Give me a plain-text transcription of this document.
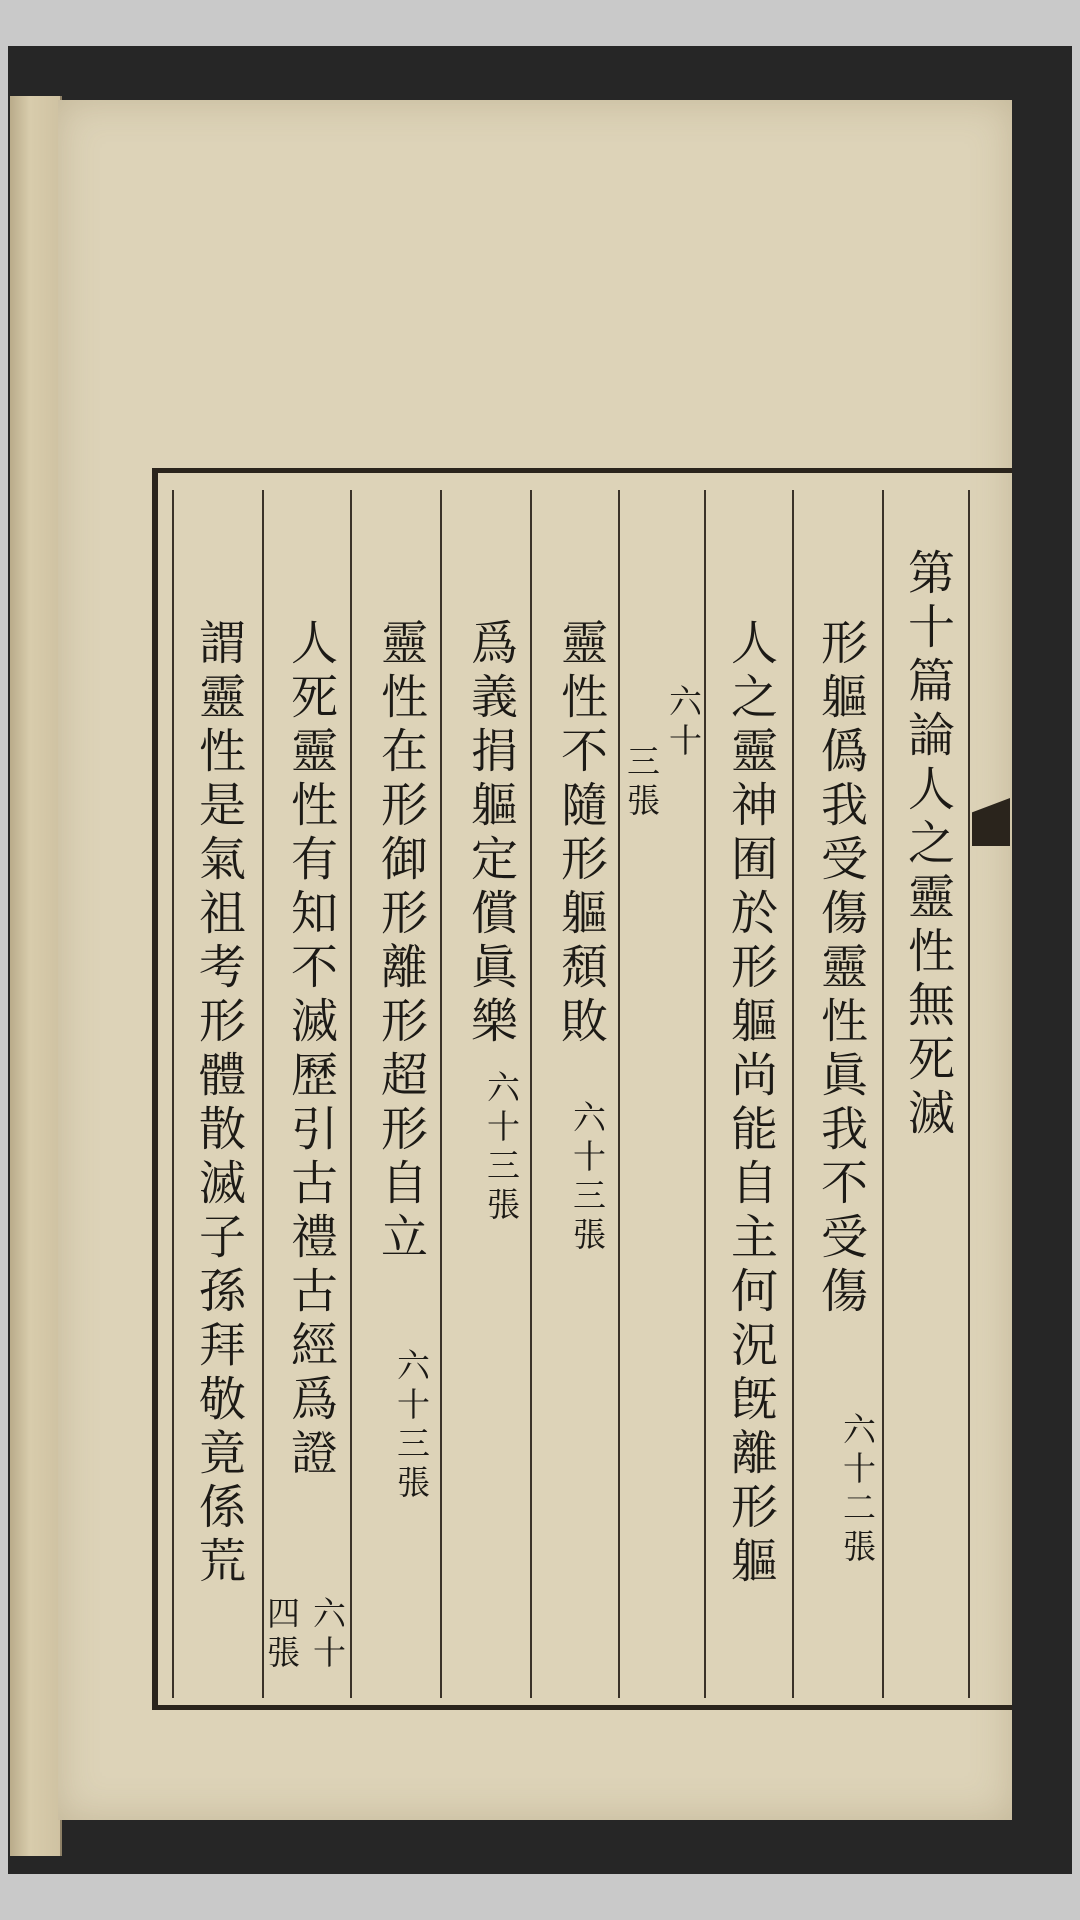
第十篇論人之靈性無死滅
形軀僞我受傷靈性眞我不受傷
六十二張
人之靈神囿於形軀尚能自主何況旣離形軀
六十
三張
靈性不隨形軀頹敗
六十三張
爲義捐軀定償眞樂
六十三張
靈性在形御形離形超形自立
六十三張
人死靈性有知不滅歷引古禮古經爲證
六十
四張
謂靈性是氣祖考形體散滅子孫拜敬竟係荒
